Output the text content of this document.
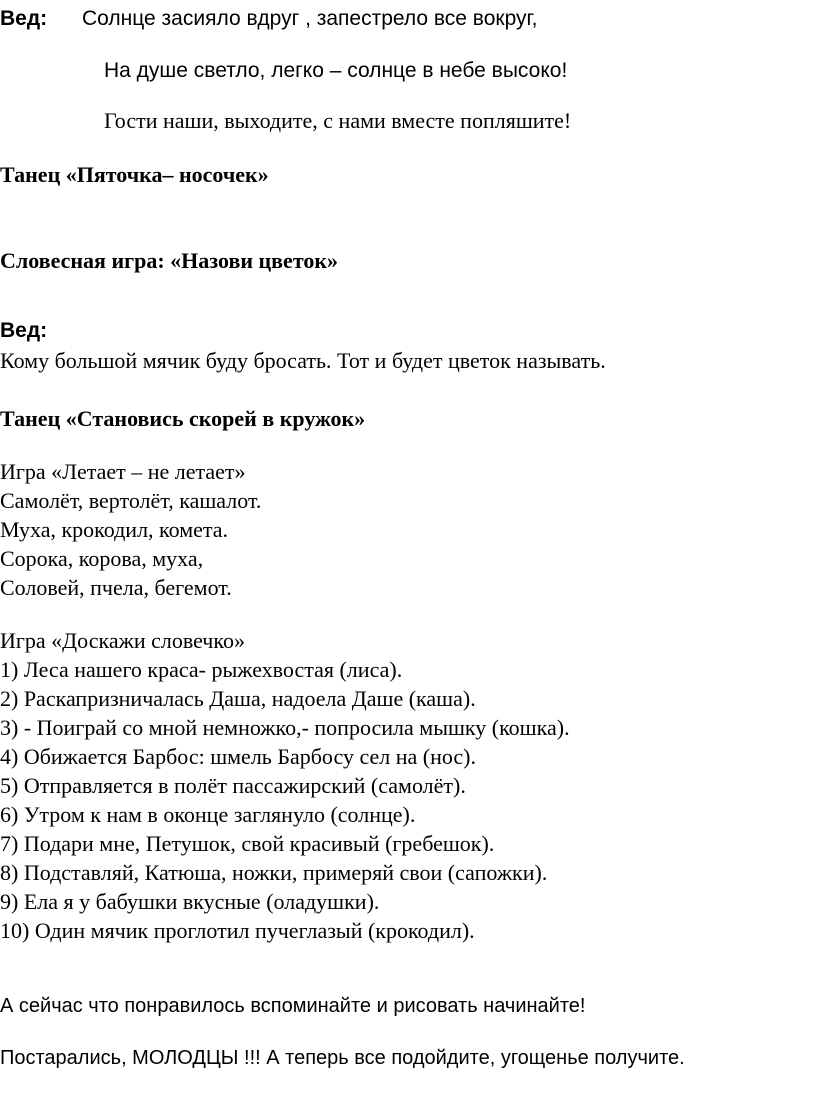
Вед: Солнце засияло вдруг , запестрело все вокруг,
На душе светло, легко – солнце в небе высоко!
Гости наши, выходите, с нами вместе попляшите!
Танец «Пяточка– носочек»
Словесная игра: «Назови цветок»
Вед:
Кому большой мячик буду бросать. Тот и будет цветок называть.
Танец «Становись скорей в кружок»
Игра «Летает – не летает»
Самолёт, вертолёт, кашалот.
Муха, крокодил, комета.
Сорока, корова, муха,
Соловей, пчела, бегемот.
Игра «Доскажи словечко»
1) Леса нашего краса- рыжехвостая (лиса).
2) Раскапризничалась Даша, надоела Даше (каша).
3) - Поиграй со мной немножко,- попросила мышку (кошка).
4) Обижается Барбос: шмель Барбосу сел на (нос).
5) Отправляется в полёт пассажирский (самолёт).
6) Утром к нам в оконце заглянуло (солнце).
7) Подари мне, Петушок, свой красивый (гребешок).
8) Подставляй, Катюша, ножки, примеряй свои (сапожки).
9) Ела я у бабушки вкусные (оладушки).
10) Один мячик проглотил пучеглазый (крокодил).
А сейчас что понравилось вспоминайте и рисовать начинайте!
Постарались, МОЛОДЦЫ !!! А теперь все подойдите, угощенье получите.
